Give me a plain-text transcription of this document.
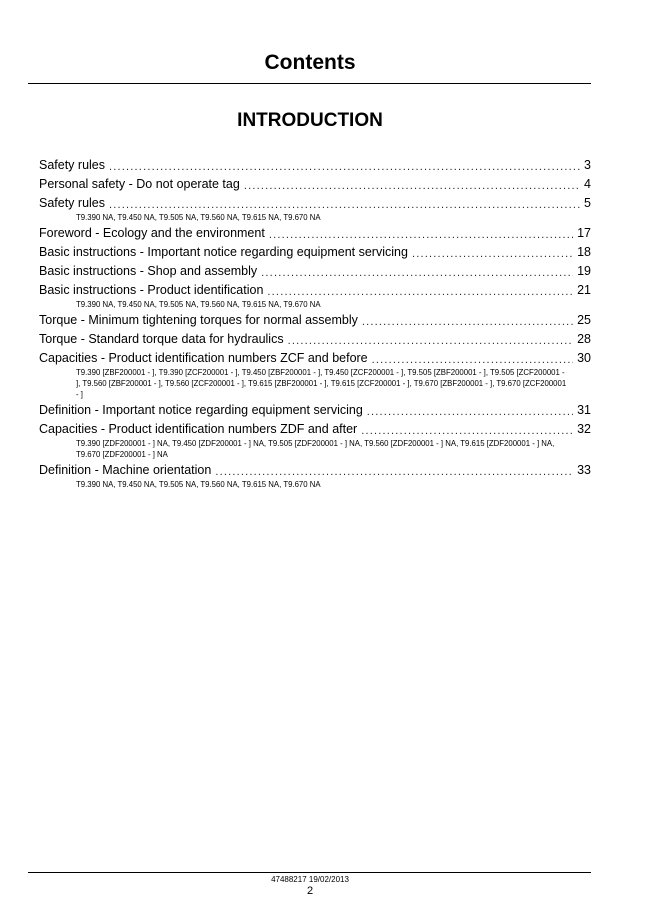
Contents
INTRODUCTION
Safety rules .....	3
Personal safety - Do not operate tag .....	4
Safety rules .....	5
T9.390 NA, T9.450 NA, T9.505 NA, T9.560 NA, T9.615 NA, T9.670 NA
Foreword - Ecology and the environment .....	17
Basic instructions - Important notice regarding equipment servicing .....	18
Basic instructions - Shop and assembly .....	19
Basic instructions - Product identification .....	21
T9.390 NA, T9.450 NA, T9.505 NA, T9.560 NA, T9.615 NA, T9.670 NA
Torque - Minimum tightening torques for normal assembly .....	25
Torque - Standard torque data for hydraulics .....	28
Capacities - Product identification numbers ZCF and before .....	30
T9.390 [ZBF200001 - ], T9.390 [ZCF200001 - ], T9.450 [ZBF200001 - ], T9.450 [ZCF200001 - ], T9.505 [ZBF200001 - ], T9.505 [ZCF200001 - ], T9.560 [ZBF200001 - ], T9.560 [ZCF200001 - ], T9.615 [ZBF200001 - ], T9.615 [ZCF200001 - ], T9.670 [ZBF200001 - ], T9.670 [ZCF200001 - ]
Definition - Important notice regarding equipment servicing .....	31
Capacities - Product identification numbers ZDF and after .....	32
T9.390 [ZDF200001 - ] NA, T9.450 [ZDF200001 - ] NA, T9.505 [ZDF200001 - ] NA, T9.560 [ZDF200001 - ] NA, T9.615 [ZDF200001 - ] NA, T9.670 [ZDF200001 - ] NA
Definition - Machine orientation .....	33
T9.390 NA, T9.450 NA, T9.505 NA, T9.560 NA, T9.615 NA, T9.670 NA
47488217 19/02/2013
2
